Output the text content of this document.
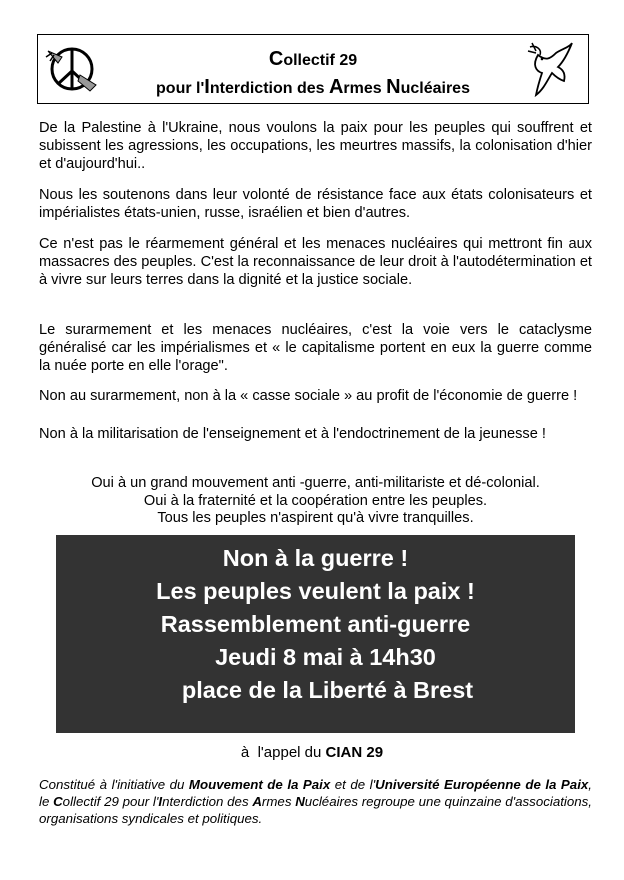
Collectif 29
pour l'Interdiction des Armes Nucléaires

De la Palestine à l'Ukraine, nous voulons la paix pour les peuples qui souffrent et subissent les agressions, les occupations, les meurtres massifs, la colonisation d'hier et d'aujourd'hui..

Nous les soutenons dans leur volonté de résistance face aux états colonisateurs et impérialistes états-unien, russe, israélien et bien d'autres.

Ce n'est pas le réarmement général et les menaces nucléaires qui mettront fin aux massacres des peuples. C'est la reconnaissance de leur droit à l'autodétermination et à vivre sur leurs terres dans la dignité et la justice sociale.

Le surarmement et les menaces nucléaires, c'est la voie vers le cataclysme généralisé car les impérialismes et « le capitalisme portent en eux la guerre comme la nuée porte en elle l'orage".

Non au surarmement, non à la « casse sociale » au profit de l'économie de guerre !

Non à la militarisation de l'enseignement et à l'endoctrinement de la jeunesse !

Oui à un grand mouvement anti -guerre, anti-militariste et dé-colonial.
Oui à la fraternité et la coopération entre les peuples.
Tous les peuples n'aspirent qu'à vivre tranquilles.
Non à la guerre !
Les peuples veulent la paix !
Rassemblement anti-guerre
Jeudi 8 mai à 14h30
place de la Liberté à Brest
à  l'appel du CIAN 29
Constitué à l'initiative du Mouvement de la Paix et de l'Université Européenne de la Paix, le Collectif 29 pour l'Interdiction des Armes Nucléaires regroupe une quinzaine d'associations, organisations syndicales et politiques.
